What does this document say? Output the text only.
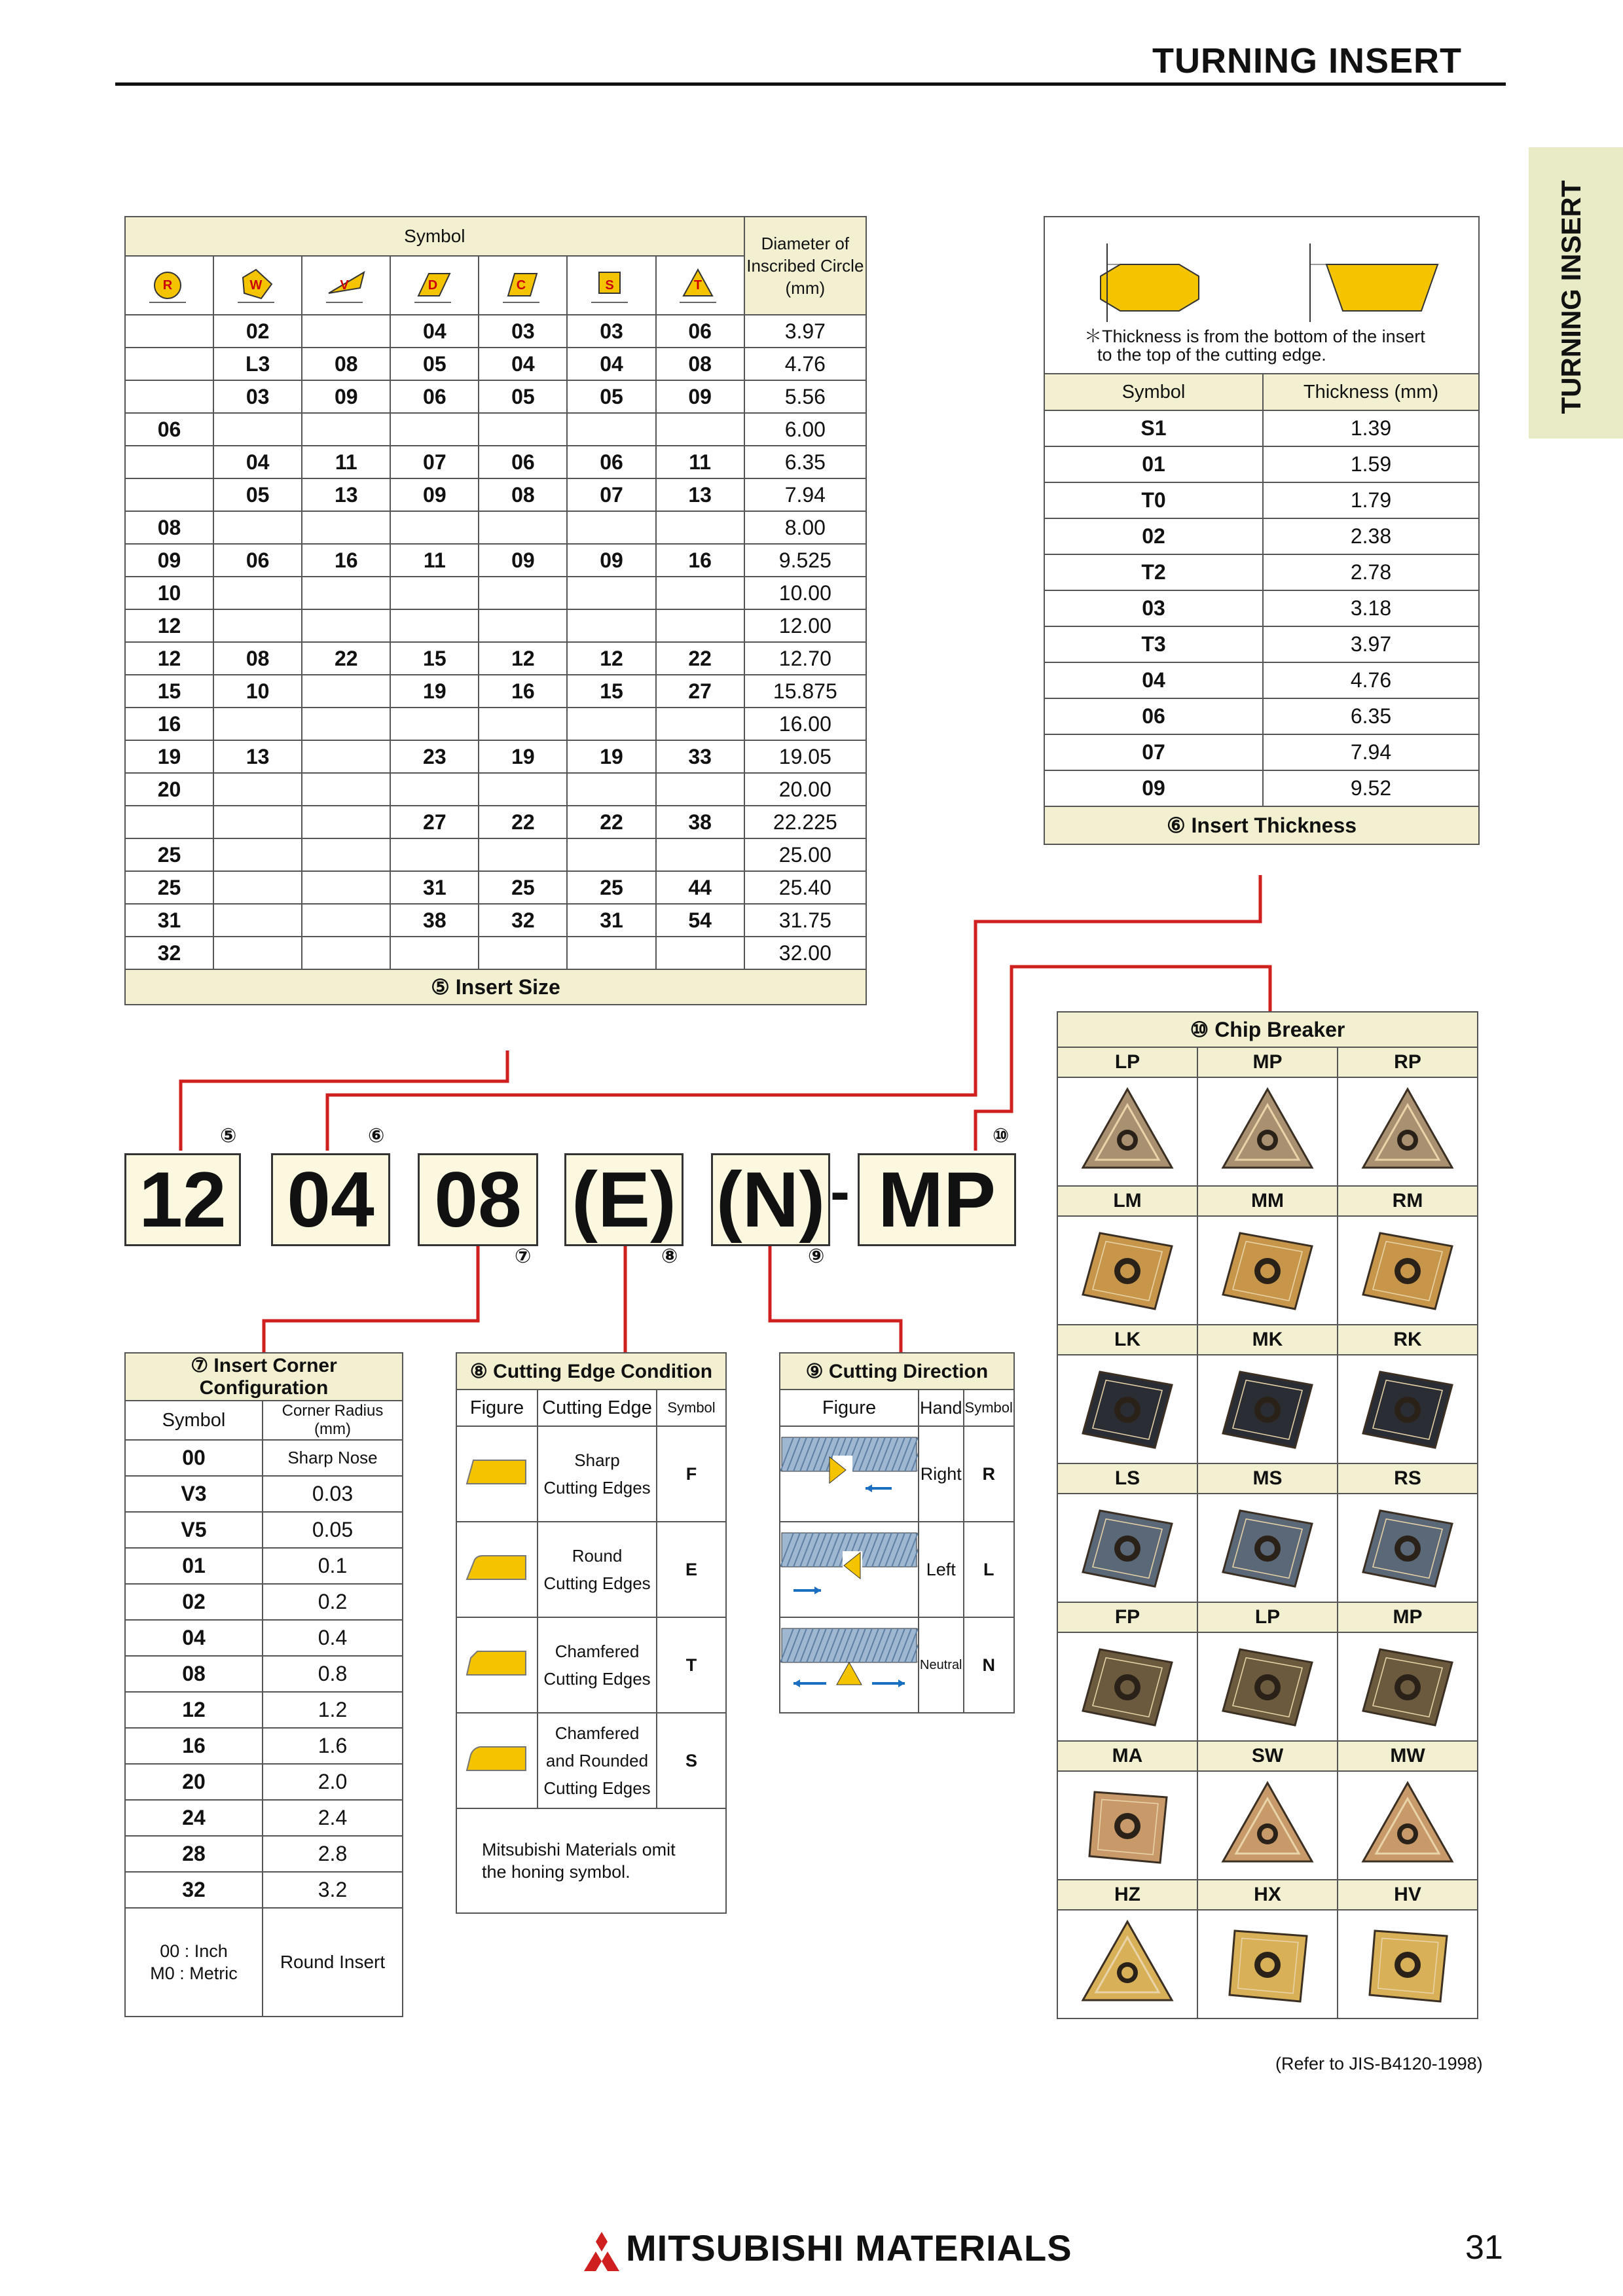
TURNING INSERT
TURNING INSERT
Symbol							Diameter of
Inscribed Circle
(mm)

R	W	V	D	C	S	T	

	02		04	03	03	06	3.97
	L3	08	05	04	04	08	4.76
	03	09	06	05	05	09	5.56
06							6.00
	04	11	07	06	06	11	6.35
	05	13	09	08	07	13	7.94
08							8.00
09	06	16	11	09	09	16	9.525
10							10.00
12							12.00
12	08	22	15	12	12	22	12.70
15	10		19	16	15	27	15.875
16							16.00
19	13		23	19	19	33	19.05
20							20.00
			27	22	22	38	22.225
25							25.00
25			31	25	25	44	25.40
31			38	32	31	54	31.75
32							32.00
⑤ Insert Size							
＊Thickness is from the bottom of the insert
to the top of the cutting edge.
Symbol	Thickness (mm)
S1	1.39
01	1.59
T0	1.79
02	2.38
T2	2.78
03	3.18
T3	3.97
04	4.76
06	6.35
07	7.94
09	9.52
⑥ Insert Thickness	
12 04 08 (E) (N) - MP
⑤	⑥
⑦	⑧	⑨
⑩
⑦ Insert Corner Configuration	
Symbol	Corner Radius (mm)
00	Sharp Nose
V3	0.03
V5	0.05
01	0.1
02	0.2
04	0.4
08	0.8
12	1.2
16	1.6
20	2.0
24	2.4
28	2.8
32	3.2
00 : Inch
M0 : Metric	Round Insert
⑧ Cutting Edge Condition		
Figure	Cutting Edge	Symbol

Sharp
Cutting Edges	F

Round
Cutting Edges	E

Chamfered
Cutting Edges	T

Chamfered
and Rounded
Cutting Edges	S
Mitsubishi Materials omit
the honing symbol.		
⑨ Cutting Direction		
Figure	Hand	Symbol
	Right	R
	Left	L
	Neutral	N
⑩ Chip Breaker		
LP	MP	RP

LM	MM	RM

LK	MK	RK

LS	MS	RS

FP	LP	MP

MA	SW	MW

HZ	HX	HV

(Refer to JIS-B4120-1998)
MITSUBISHI MATERIALS	31
